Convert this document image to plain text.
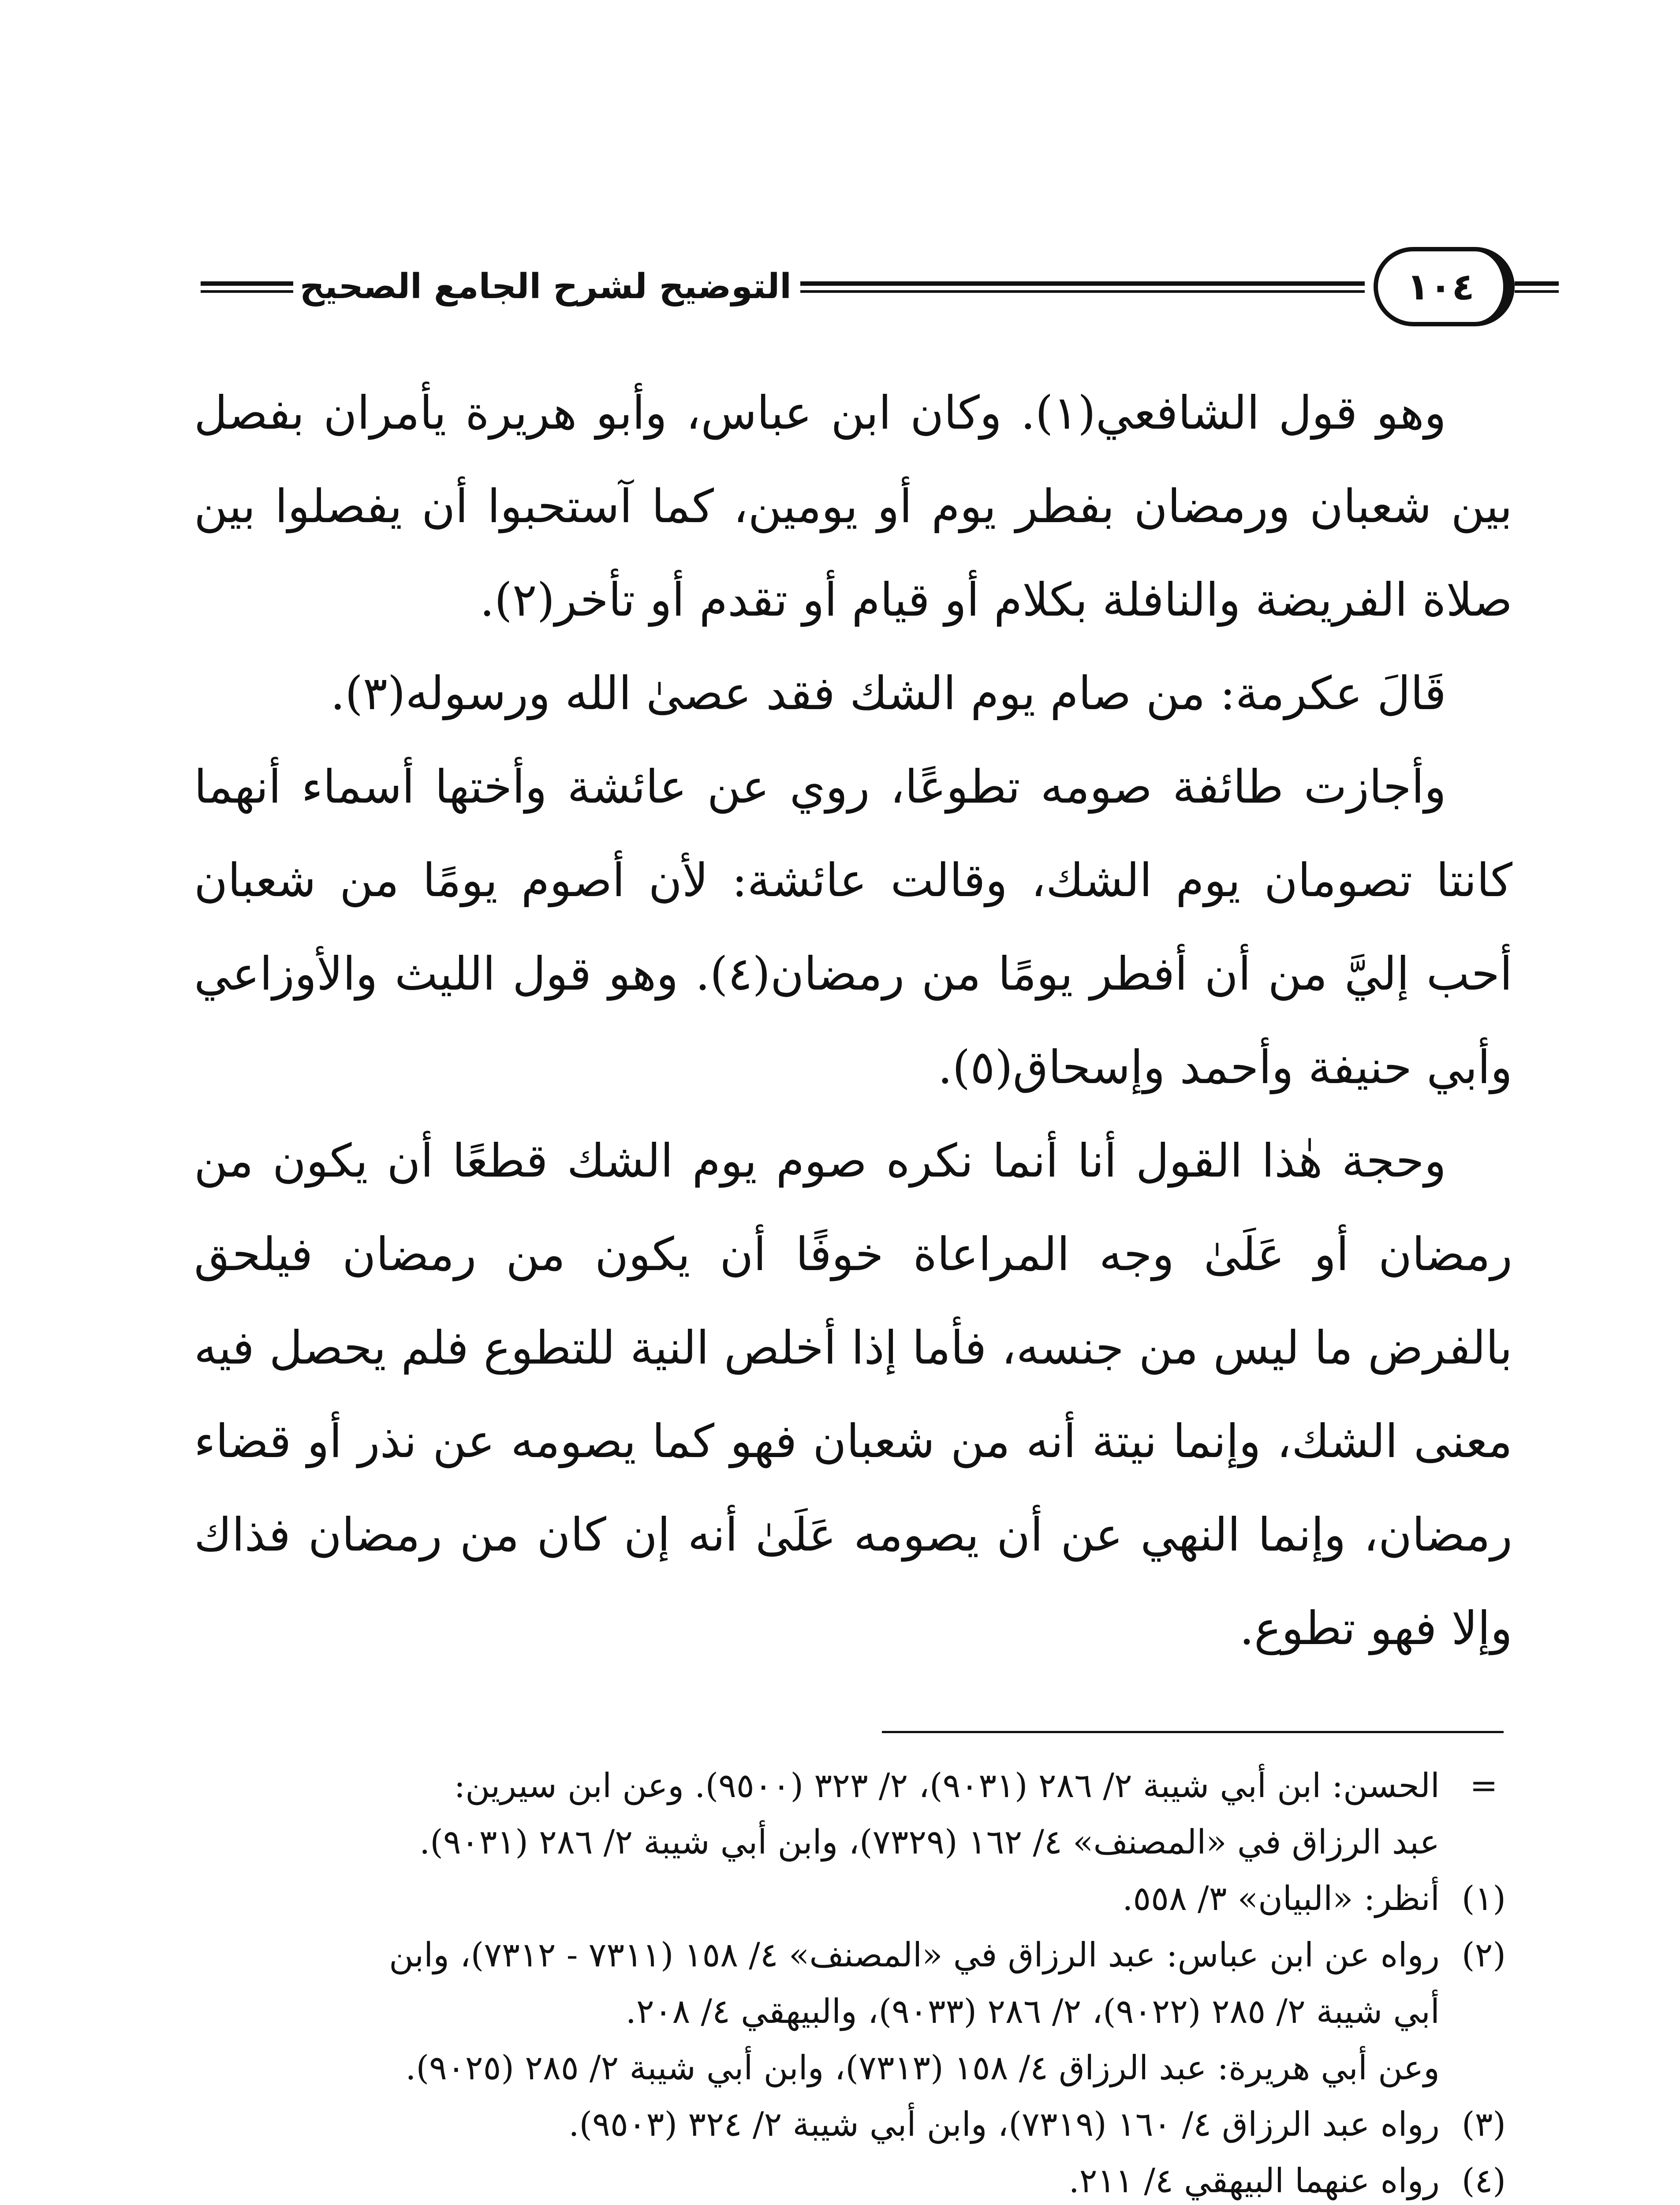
التوضيح لشرح الجامع الصحيح	١٠٤

وهو قول الشافعي(١). وكان ابن عباس، وأبو هريرة يأمران بفصل بين شعبان ورمضان بفطر يوم أو يومين، كما آستحبوا أن يفصلوا بين صلاة الفريضة والنافلة بكلام أو قيام أو تقدم أو تأخر(٢).

قَالَ عكرمة: من صام يوم الشك فقد عصىٰ الله ورسوله(٣).

وأجازت طائفة صومه تطوعًا، روي عن عائشة وأختها أسماء أنهما كانتا تصومان يوم الشك، وقالت عائشة: لأن أصوم يومًا من شعبان أحب إليَّ من أن أفطر يومًا من رمضان(٤). وهو قول الليث والأوزاعي وأبي حنيفة وأحمد وإسحاق(٥).

وحجة هٰذا القول أنا أنما نكره صوم يوم الشك قطعًا أن يكون من رمضان أو عَلَىٰ وجه المراعاة خوفًا أن يكون من رمضان فيلحق بالفرض ما ليس من جنسه، فأما إذا أخلص النية للتطوع فلم يحصل فيه معنى الشك، وإنما نيتة أنه من شعبان فهو كما يصومه عن نذر أو قضاء رمضان، وإنما النهي عن أن يصومه عَلَىٰ أنه إن كان من رمضان فذاك وإلا فهو تطوع.

=
الحسن: ابن أبي شيبة ٢/ ٢٨٦ (٩٠٣١)، ٢/ ٣٢٣ (٩٥٠٠). وعن ابن سيرين:
عبد الرزاق في «المصنف» ٤/ ١٦٢ (٧٣٢٩)، وابن أبي شيبة ٢/ ٢٨٦ (٩٠٣١).
(١)
أنظر: «البيان» ٣/ ٥٥٨.
(٢)
رواه عن ابن عباس: عبد الرزاق في «المصنف» ٤/ ١٥٨ (٧٣١١ - ٧٣١٢)، وابن
أبي شيبة ٢/ ٢٨٥ (٩٠٢٢)، ٢/ ٢٨٦ (٩٠٣٣)، والبيهقي ٤/ ٢٠٨.
وعن أبي هريرة: عبد الرزاق ٤/ ١٥٨ (٧٣١٣)، وابن أبي شيبة ٢/ ٢٨٥ (٩٠٢٥).
(٣)
رواه عبد الرزاق ٤/ ١٦٠ (٧٣١٩)، وابن أبي شيبة ٢/ ٣٢٤ (٩٥٠٣).
(٤)
رواه عنهما البيهقي ٤/ ٢١١.
